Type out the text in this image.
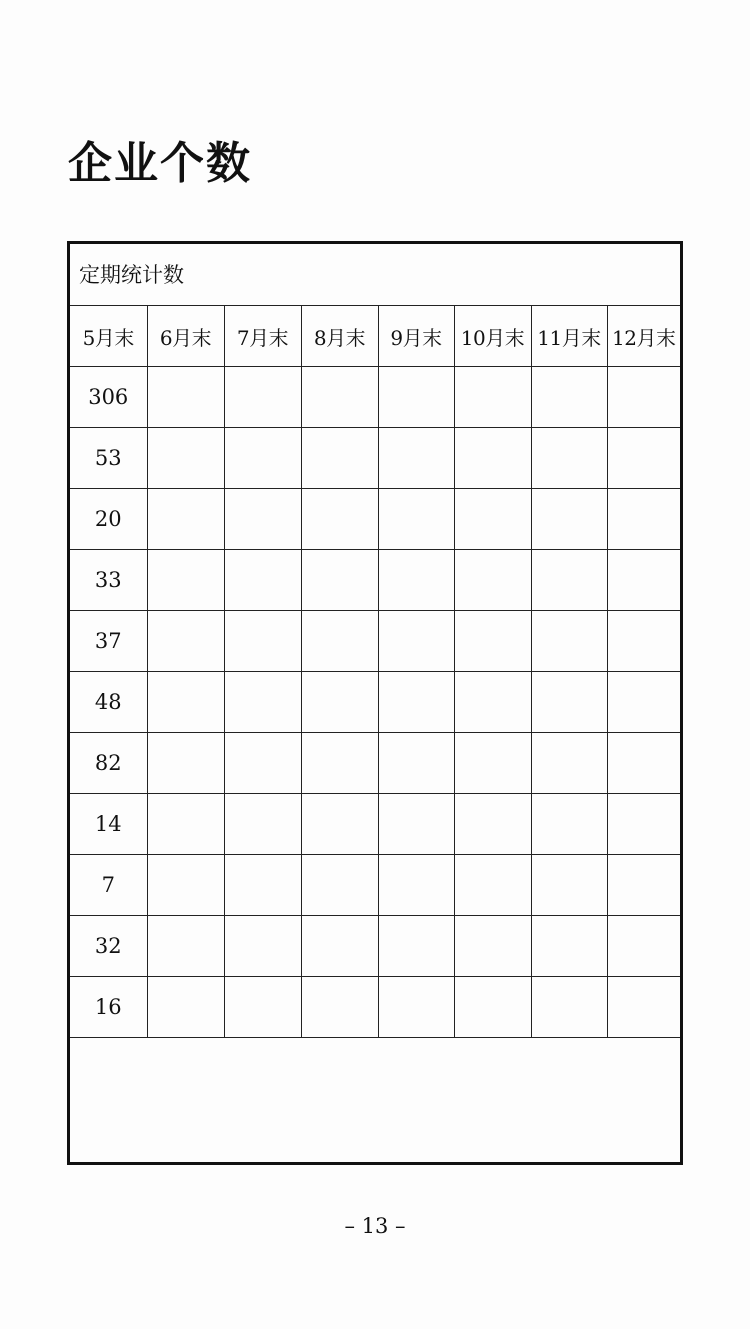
企业个数
定期统计数
5月末	6月末	7月末	8月末	9月末	10月末	11月末	12月末
306							
53							
20							
33							
37							
48							
82							
14							
7							
32							
16							
– 13 –
